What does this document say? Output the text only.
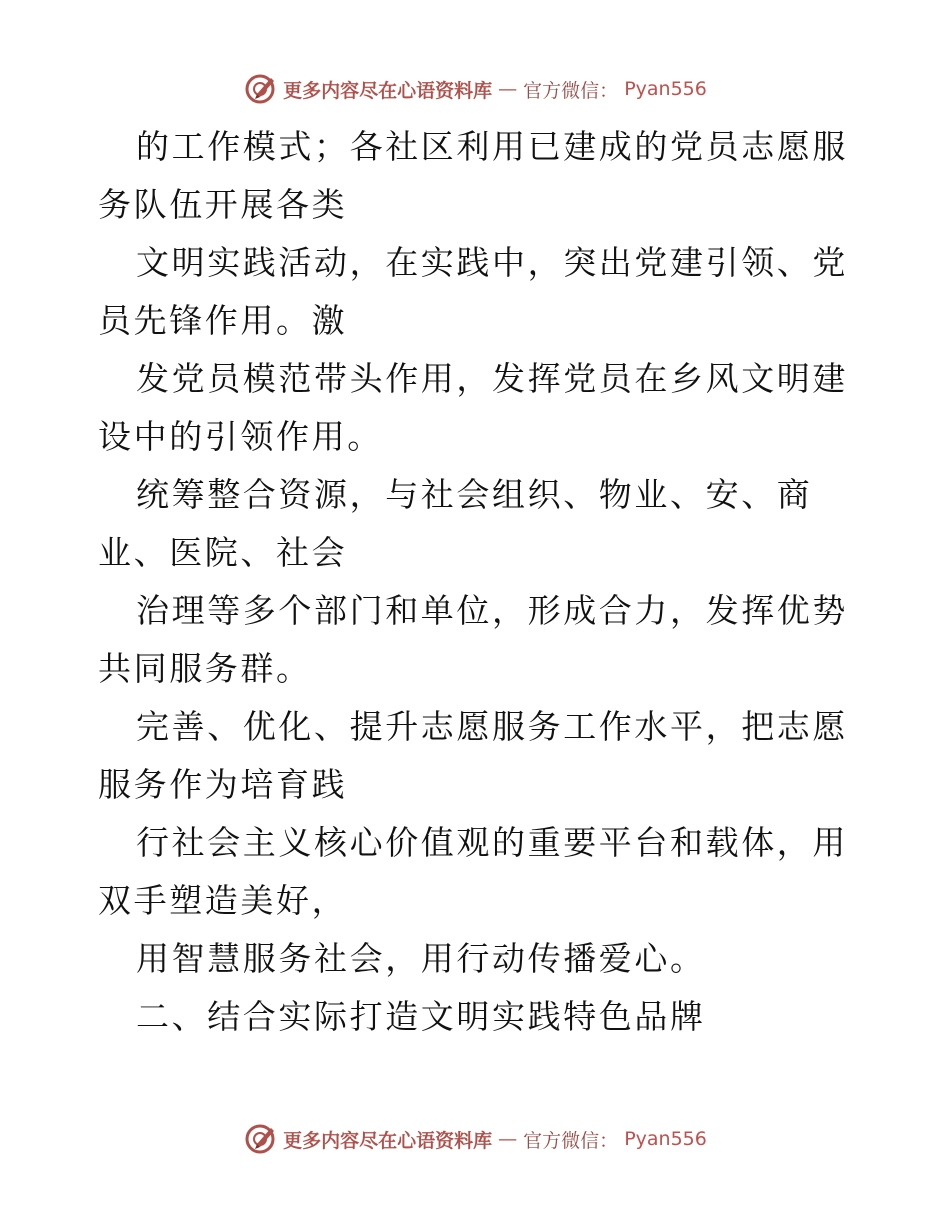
更多内容尽在心语资料库 — 官方微信： Pyan556

的工作模式；各社区利用已建成的党员志愿服务队伍开展各类

文明实践活动，在实践中，突出党建引领、党员先锋作用。激

发党员模范带头作用，发挥党员在乡风文明建设中的引领作用。

统筹整合资源，与社会组织、物业、安、商业、医院、社会

治理等多个部门和单位，形成合力，发挥优势共同服务群。

完善、优化、提升志愿服务工作水平，把志愿服务作为培育践

行社会主义核心价值观的重要平台和载体，用双手塑造美好，

用智慧服务社会，用行动传播爱心。

二、结合实际打造文明实践特色品牌

更多内容尽在心语资料库 — 官方微信： Pyan556
